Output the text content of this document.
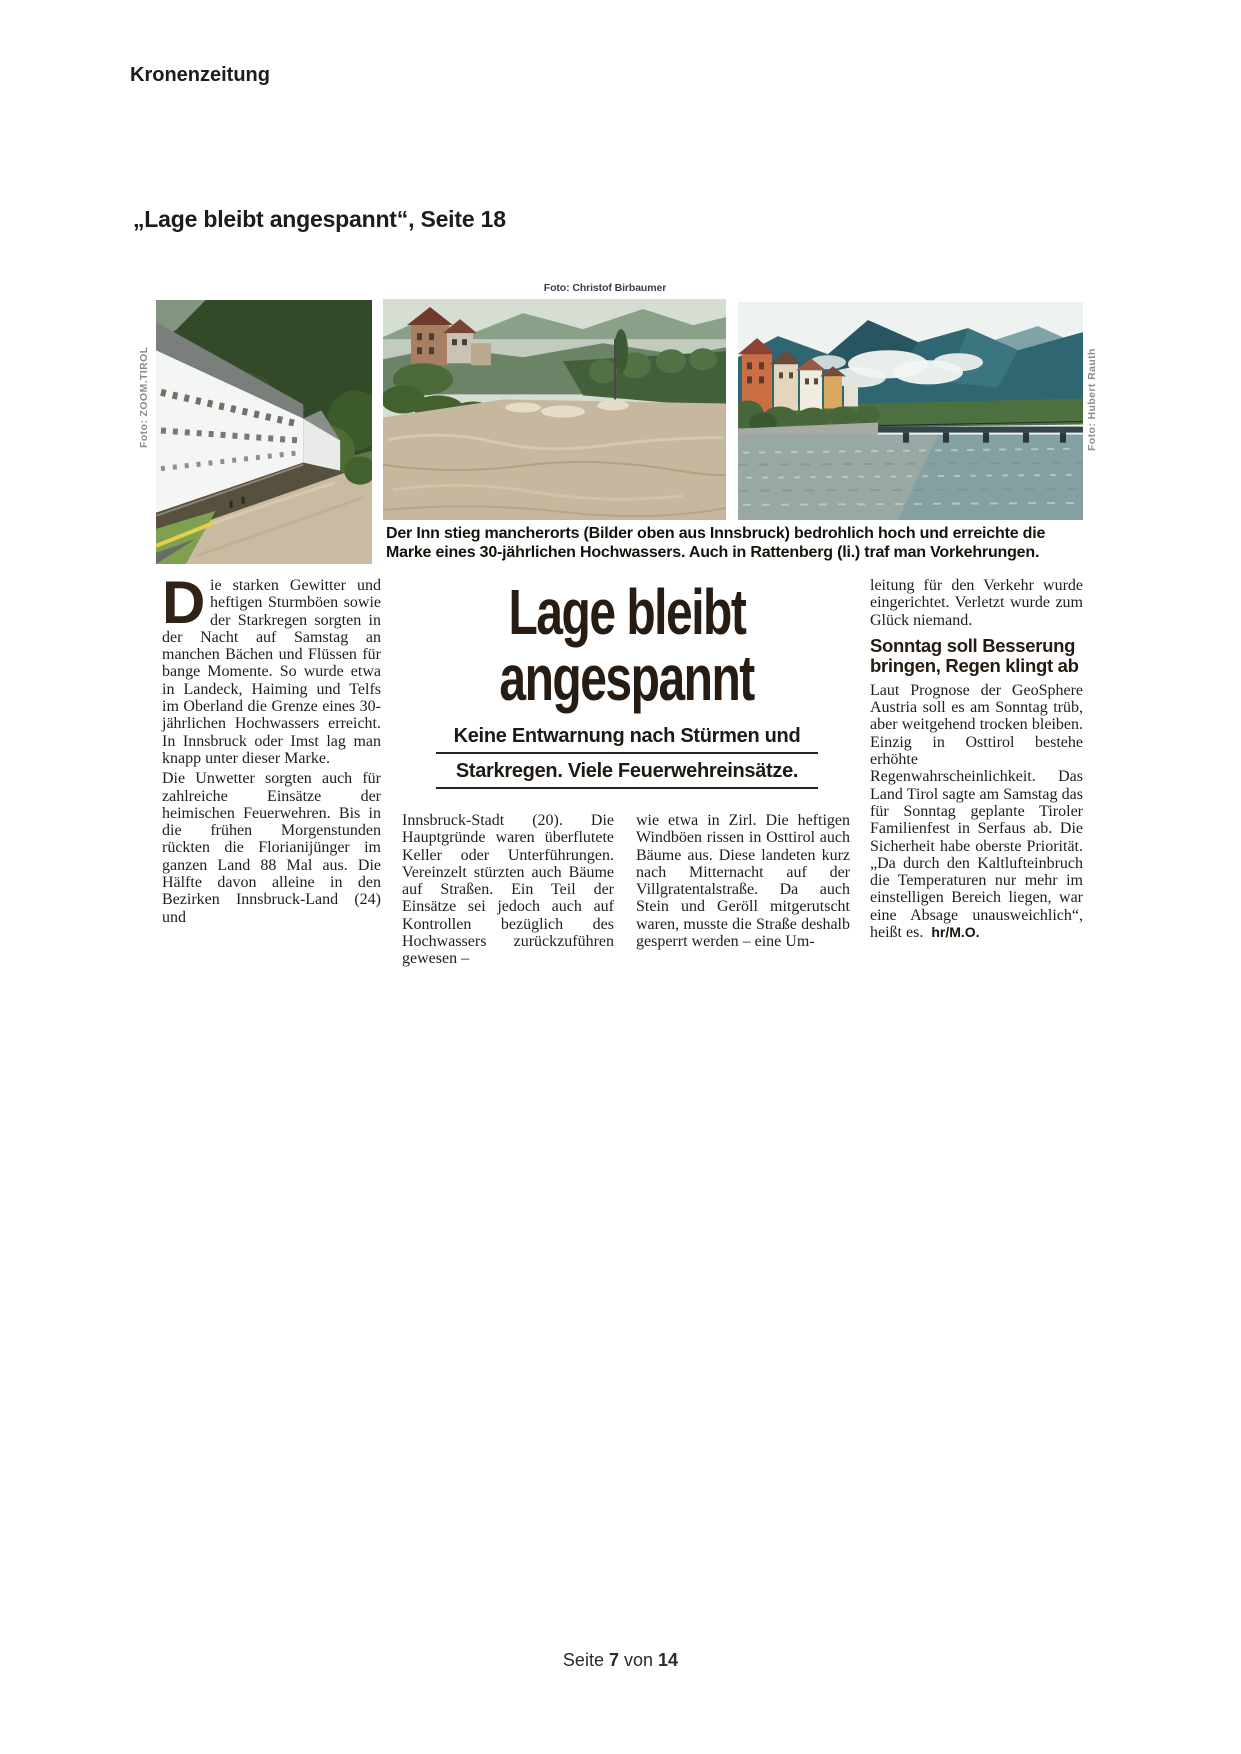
Kronenzeitung
„Lage bleibt angespannt“, Seite 18
Foto: ZOOM.TIROL
Foto: Christof Birbaumer
Foto: Hubert Rauth
Der Inn stieg mancherorts (Bilder oben aus Innsbruck) bedrohlich hoch und erreichte die Marke eines 30-jährlichen Hochwassers. Auch in Rattenberg (li.) traf man Vorkehrungen.

Die starken Gewitter und heftigen Sturmböen sowie der Starkregen sorgten in der Nacht auf Samstag an manchen Bächen und Flüssen für bange Momente. So wurde etwa in Landeck, Haiming und Telfs im Oberland die Grenze eines 30-jährlichen Hochwassers erreicht. In Innsbruck oder Imst lag man knapp unter dieser Marke.

Die Unwetter sorgten auch für zahlreiche Einsätze der heimischen Feuerwehren. Bis in die frühen Morgenstunden rückten die Florianijünger im ganzen Land 88 Mal aus. Die Hälfte davon alleine in den Bezirken Innsbruck-Land (24) und

Lage bleibt
angespannt
Keine Entwarnung nach Stürmen und
Starkregen. Viele Feuerwehreinsätze.

Innsbruck-Stadt (20). Die Hauptgründe waren überflutete Keller oder Unterführungen. Vereinzelt stürzten auch Bäume auf Straßen. Ein Teil der Einsätze sei jedoch auch auf Kontrollen bezüglich des Hochwassers zurückzuführen gewesen –

wie etwa in Zirl. Die heftigen Windböen rissen in Osttirol auch Bäume aus. Diese landeten kurz nach Mitternacht auf der Villgratentalstraße. Da auch Stein und Geröll mitgerutscht waren, musste die Straße deshalb gesperrt werden – eine Um-

leitung für den Verkehr wurde eingerichtet. Verletzt wurde zum Glück niemand.

Sonntag soll Besserung bringen, Regen klingt ab

Laut Prognose der GeoSphere Austria soll es am Sonntag trüb, aber weitgehend trocken bleiben. Einzig in Osttirol bestehe erhöhte Regenwahrscheinlichkeit. Das Land Tirol sagte am Samstag das für Sonntag geplante Tiroler Familienfest in Serfaus ab. Die Sicherheit habe oberste Priorität. „Da durch den Kaltlufteinbruch die Temperaturen nur mehr im einstelligen Bereich liegen, war eine Absage unausweichlich“, heißt es. hr/M.O.

Seite 7 von 14
